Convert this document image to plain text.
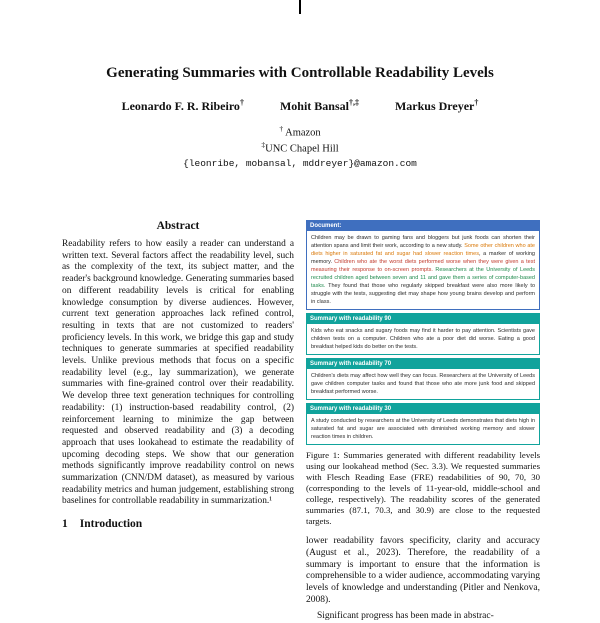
Generating Summaries with Controllable Readability Levels
Leonardo F. R. Ribeiro†	Mohit Bansal†,‡	Markus Dreyer†
† Amazon
‡UNC Chapel Hill
{leonribe, mobansal, mddreyer}@amazon.com
Abstract

Readability refers to how easily a reader can understand a written text. Several factors affect the readability level, such as the complexity of the text, its subject matter, and the reader's background knowledge. Generating summaries based on different readability levels is critical for enabling knowledge consumption by diverse audiences. However, current text generation approaches lack refined control, resulting in texts that are not customized to readers' proficiency levels. In this work, we bridge this gap and study techniques to generate summaries at specified readability levels. Unlike previous methods that focus on a specific readability level (e.g., lay summarization), we generate summaries with fine-grained control over their readability. We develop three text generation techniques for controlling readability: (1) instruction-based readability control, (2) reinforcement learning to minimize the gap between requested and observed readability and (3) a decoding approach that uses lookahead to estimate the readability of upcoming decoding steps. We show that our generation methods significantly improve readability control on news summarization (CNN/DM dataset), as measured by various readability metrics and human judgement, establishing strong baselines for controllable readability in summarization.¹

1 Introduction
Document:
Children may be drawn to gaming fans and bloggers but junk foods can shorten their attention spans and limit their work, according to a new study. Some other children who ate diets higher in saturated fat and sugar had slower reaction times, a marker of working memory. Children who ate the worst diets performed worse when they were given a test measuring their response to on-screen prompts. Researchers at the University of Leeds recruited children aged between seven and 11 and gave them a series of computer-based tasks. They found that those who regularly skipped breakfast were also more likely to struggle with the tests, suggesting diet may shape how young brains develop and perform in class.
Summary with readability 90
Kids who eat snacks and sugary foods may find it harder to pay attention. Scientists gave children tests on a computer. Children who ate a poor diet did worse. Eating a good breakfast helped kids do better on the tests.
Summary with readability 70
Children's diets may affect how well they can focus. Researchers at the University of Leeds gave children computer tasks and found that those who ate more junk food and skipped breakfast performed worse.
Summary with readability 30
A study conducted by researchers at the University of Leeds demonstrates that diets high in saturated fat and sugar are associated with diminished working memory and slower reaction times in children.

Figure 1: Summaries generated with different readability levels using our lookahead method (Sec. 3.3). We requested summaries with Flesch Reading Ease (FRE) readabilities of 90, 70, 30 (corresponding to the levels of 11-year-old, middle-school and college, respectively). The readability scores of the generated summaries (87.1, 70.3, and 30.9) are close to the requested targets.

lower readability favors specificity, clarity and accuracy (August et al., 2023). Therefore, the readability of a summary is important to ensure that the information is comprehensible to a wider audience, accommodating varying levels of knowledge and understanding (Pitler and Nenkova, 2008).

Significant progress has been made in abstrac-
